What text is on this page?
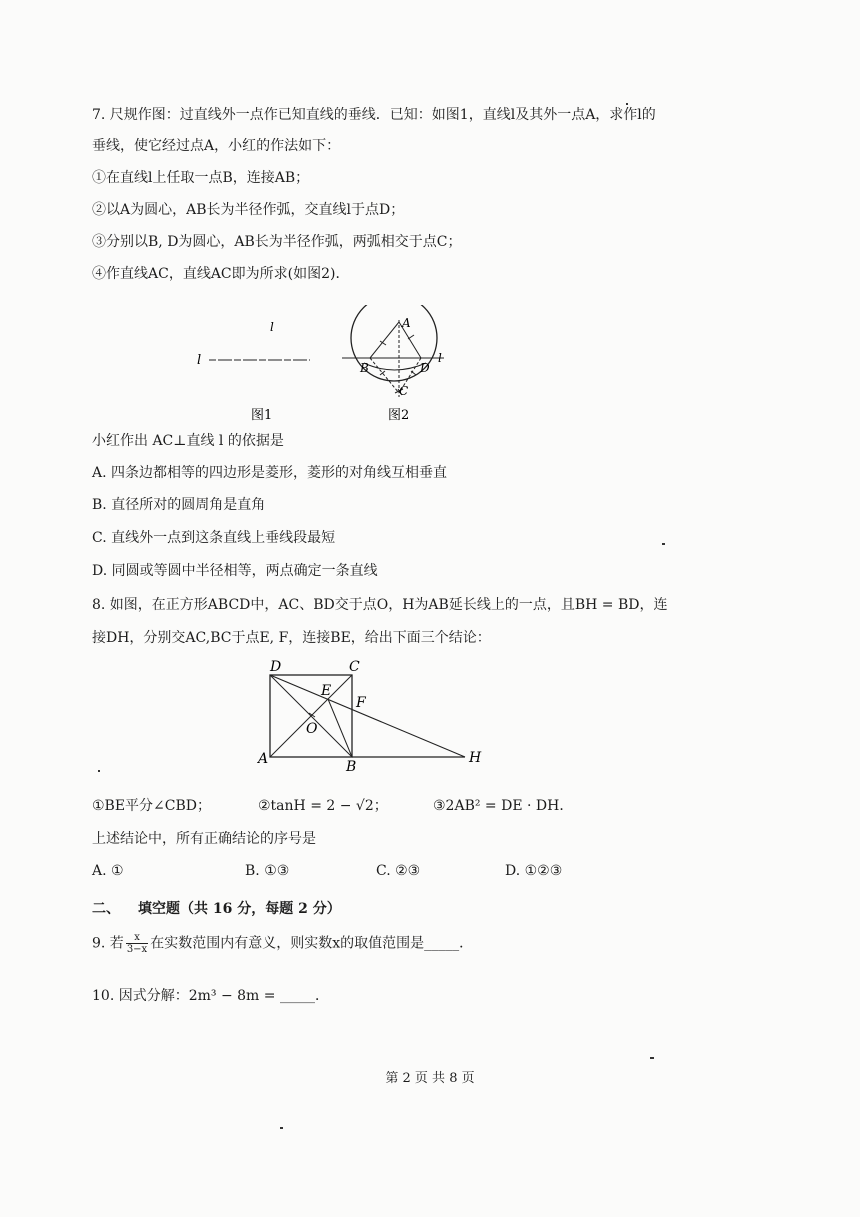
7. 尺规作图：过直线外一点作已知直线的垂线．已知：如图1，直线l及其外一点A，求作l的
垂线，使它经过点A，小红的作法如下：
①在直线l上任取一点B，连接AB；
②以A为圆心，AB长为半径作弧，交直线l于点D；
③分别以B, D为圆心，AB长为半径作弧，两弧相交于点C；
④作直线AC，直线AC即为所求(如图2)．
l
l
图1
A
B	D
C
l
图2
小红作出 AC⊥直线 l 的依据是
A. 四条边都相等的四边形是菱形，菱形的对角线互相垂直
B. 直径所对的圆周角是直角
C. 直线外一点到这条直线上垂线段最短
D. 同圆或等圆中半径相等，两点确定一条直线
8. 如图，在正方形ABCD中，AC、BD交于点O，H为AB延长线上的一点，且BH = BD，连
接DH，分别交AC,BC于点E, F，连接BE，给出下面三个结论：
D	C
E
F
O
A	B
H
①BE平分∠CBD；	②tanH = 2 − √2；	③2AB² = DE · DH．
上述结论中，所有正确结论的序号是
A. ①	B. ①③	C. ②③	D. ①②③
二、 填空题（共 16 分，每题 2 分）
9. 若 $\frac{x}{3-x}$ 在实数范围内有意义，则实数x的取值范围是_____．
10. 因式分解：2m³ − 8m = _____．
第 2 页 共 8 页
